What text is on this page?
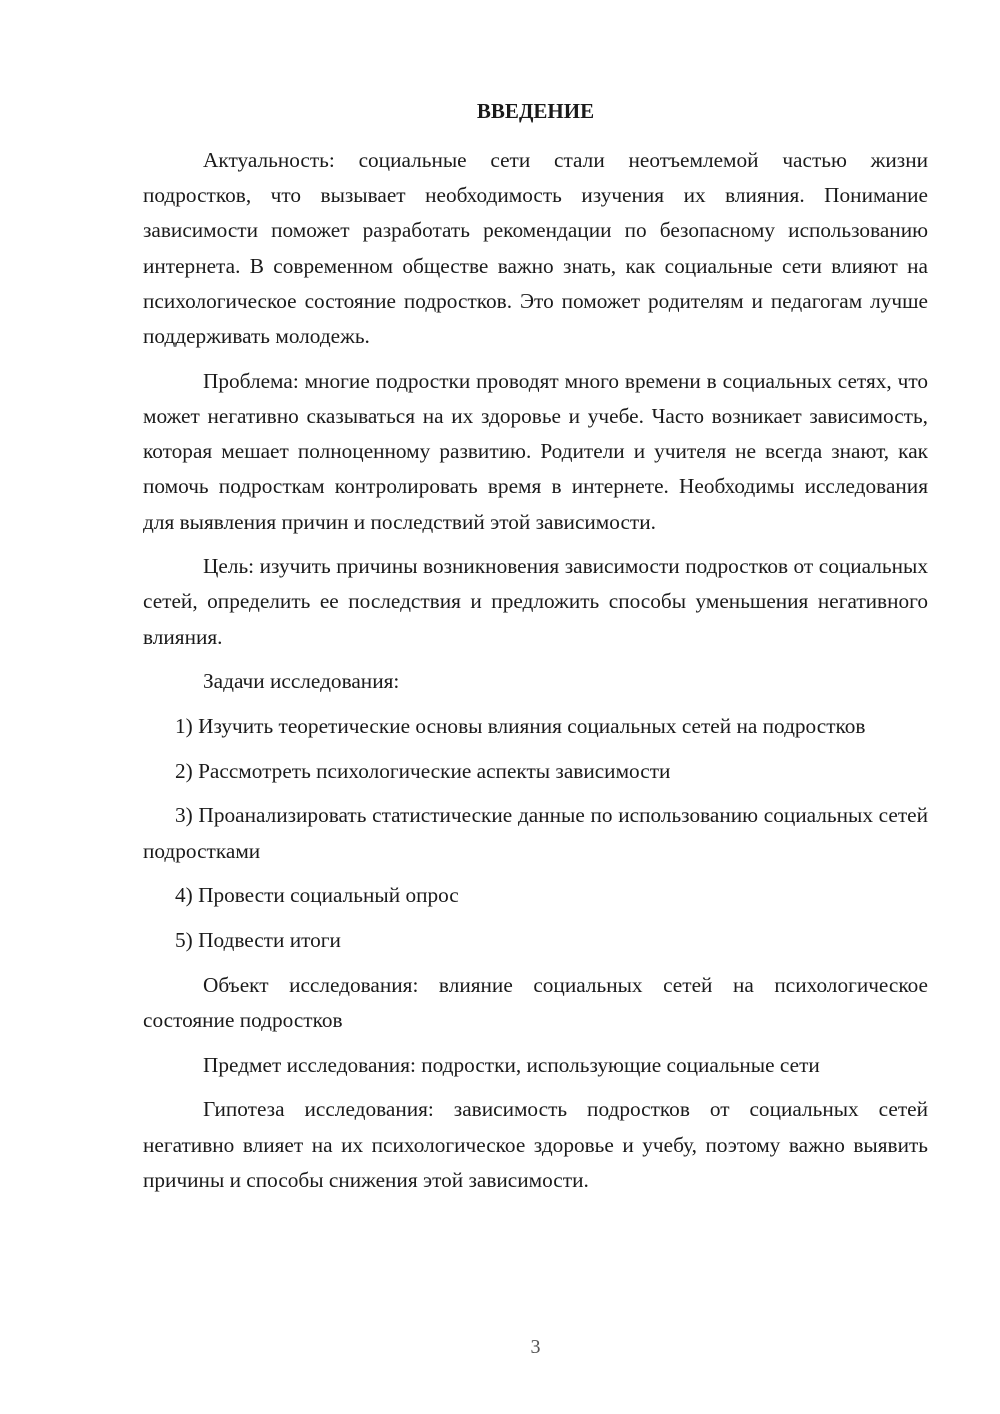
ВВЕДЕНИЕ

Актуальность: социальные сети стали неотъемлемой частью жизни подростков, что вызывает необходимость изучения их влияния. Понимание зависимости поможет разработать рекомендации по безопасному использованию интернета. В современном обществе важно знать, как социальные сети влияют на психологическое состояние подростков. Это поможет родителям и педагогам лучше поддерживать молодежь.

Проблема: многие подростки проводят много времени в социальных сетях, что может негативно сказываться на их здоровье и учебе. Часто возникает зависимость, которая мешает полноценному развитию. Родители и учителя не всегда знают, как помочь подросткам контролировать время в интернете. Необходимы исследования для выявления причин и последствий этой зависимости.

Цель: изучить причины возникновения зависимости подростков от социальных сетей, определить ее последствия и предложить способы уменьшения негативного влияния.

Задачи исследования:

1) Изучить теоретические основы влияния социальных сетей на подростков

2) Рассмотреть психологические аспекты зависимости

3) Проанализировать статистические данные по использованию социальных сетей подростками

4) Провести социальный опрос

5) Подвести итоги

Объект исследования: влияние социальных сетей на психологическое состояние подростков

Предмет исследования: подростки, использующие социальные сети

Гипотеза исследования: зависимость подростков от социальных сетей негативно влияет на их психологическое здоровье и учебу, поэтому важно выявить причины и способы снижения этой зависимости.

3
